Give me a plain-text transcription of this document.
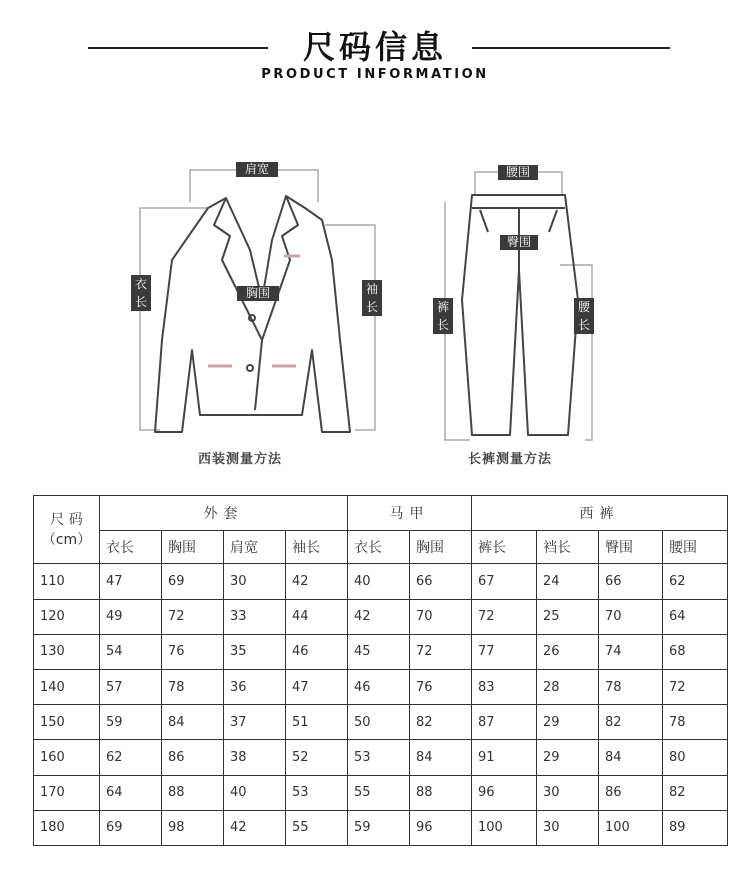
尺码信息
PRODUCT INFORMATION
肩宽
衣
长
胸围	袖
长
腰围
臀围
裤
长
腰
长
西装测量方法	长裤测量方法
尺 码
（cm）	外套				马甲		西裤			
	衣长	胸围	肩宽	袖长	衣长	胸围	裤长	裆长	臀围	腰围
110	47	69	30	42	40	66	67	24	66	62
120	49	72	33	44	42	70	72	25	70	64
130	54	76	35	46	45	72	77	26	74	68
140	57	78	36	47	46	76	83	28	78	72
150	59	84	37	51	50	82	87	29	82	78
160	62	86	38	52	53	84	91	29	84	80
170	64	88	40	53	55	88	96	30	86	82
180	69	98	42	55	59	96	100	30	100	89
